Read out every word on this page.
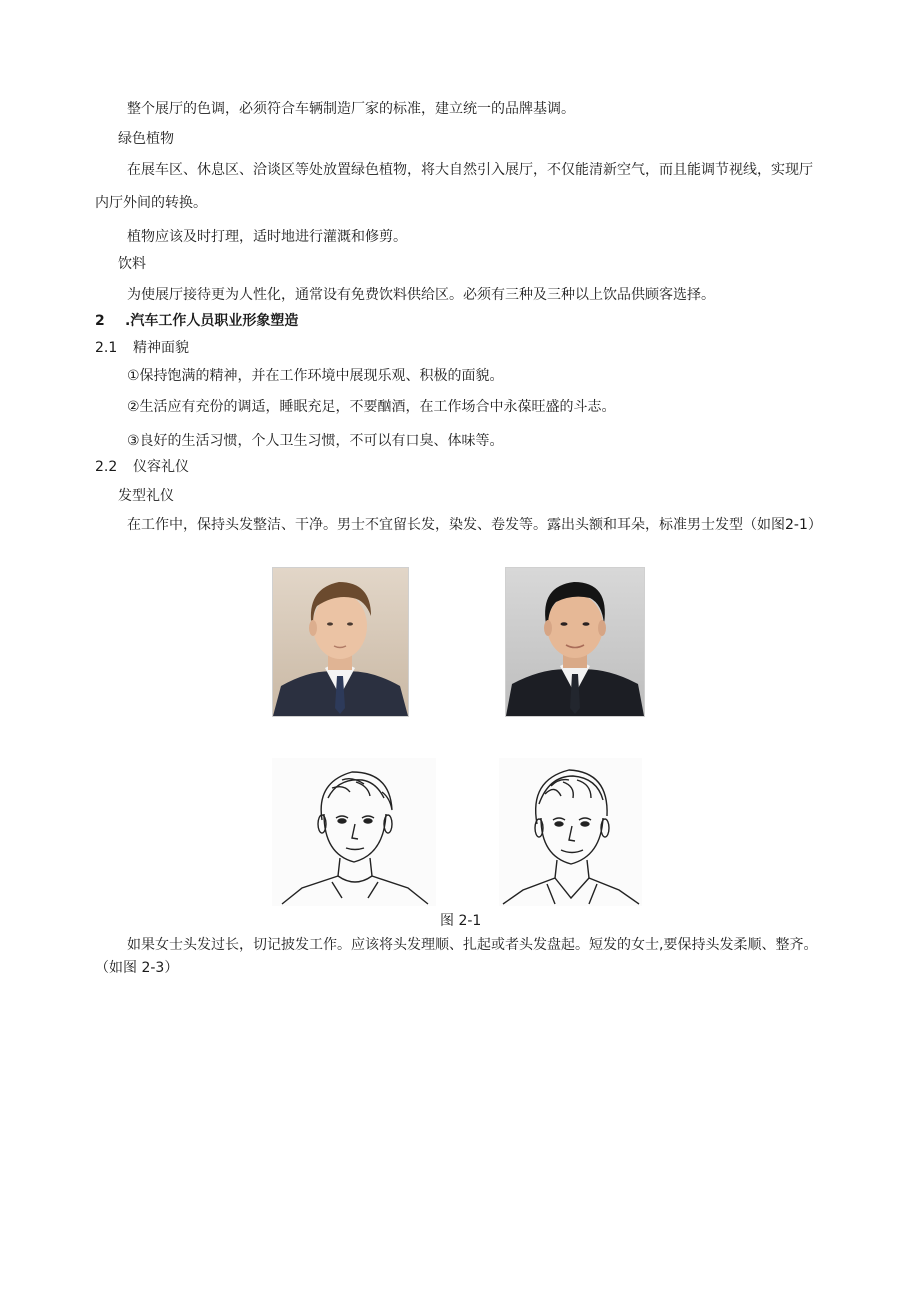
整个展厅的色调，必须符合车辆制造厂家的标准，建立统一的品牌基调。
绿色植物
在展车区、休息区、洽谈区等处放置绿色植物，将大自然引入展厅，不仅能清新空气，而且能调节视线，实现厅内厅外间的转换。
植物应该及时打理，适时地进行灌溉和修剪。
饮料
为使展厅接待更为人性化，通常设有免费饮料供给区。必须有三种及三种以上饮品供顾客选择。
2 .汽车工作人员职业形象塑造
2.1 精神面貌
①保持饱满的精神，并在工作环境中展现乐观、积极的面貌。
②生活应有充份的调适，睡眠充足，不要酗酒，在工作场合中永葆旺盛的斗志。
③良好的生活习惯，个人卫生习惯，不可以有口臭、体味等。
2.2 仪容礼仪
发型礼仪
在工作中，保持头发整洁、干净。男士不宜留长发，染发、卷发等。露出头额和耳朵，标准男士发型（如图2-1）
图 2-1
如果女士头发过长，切记披发工作。应该将头发理顺、扎起或者头发盘起。短发的女士,要保持头发柔顺、整齐。（如图 2-3）
